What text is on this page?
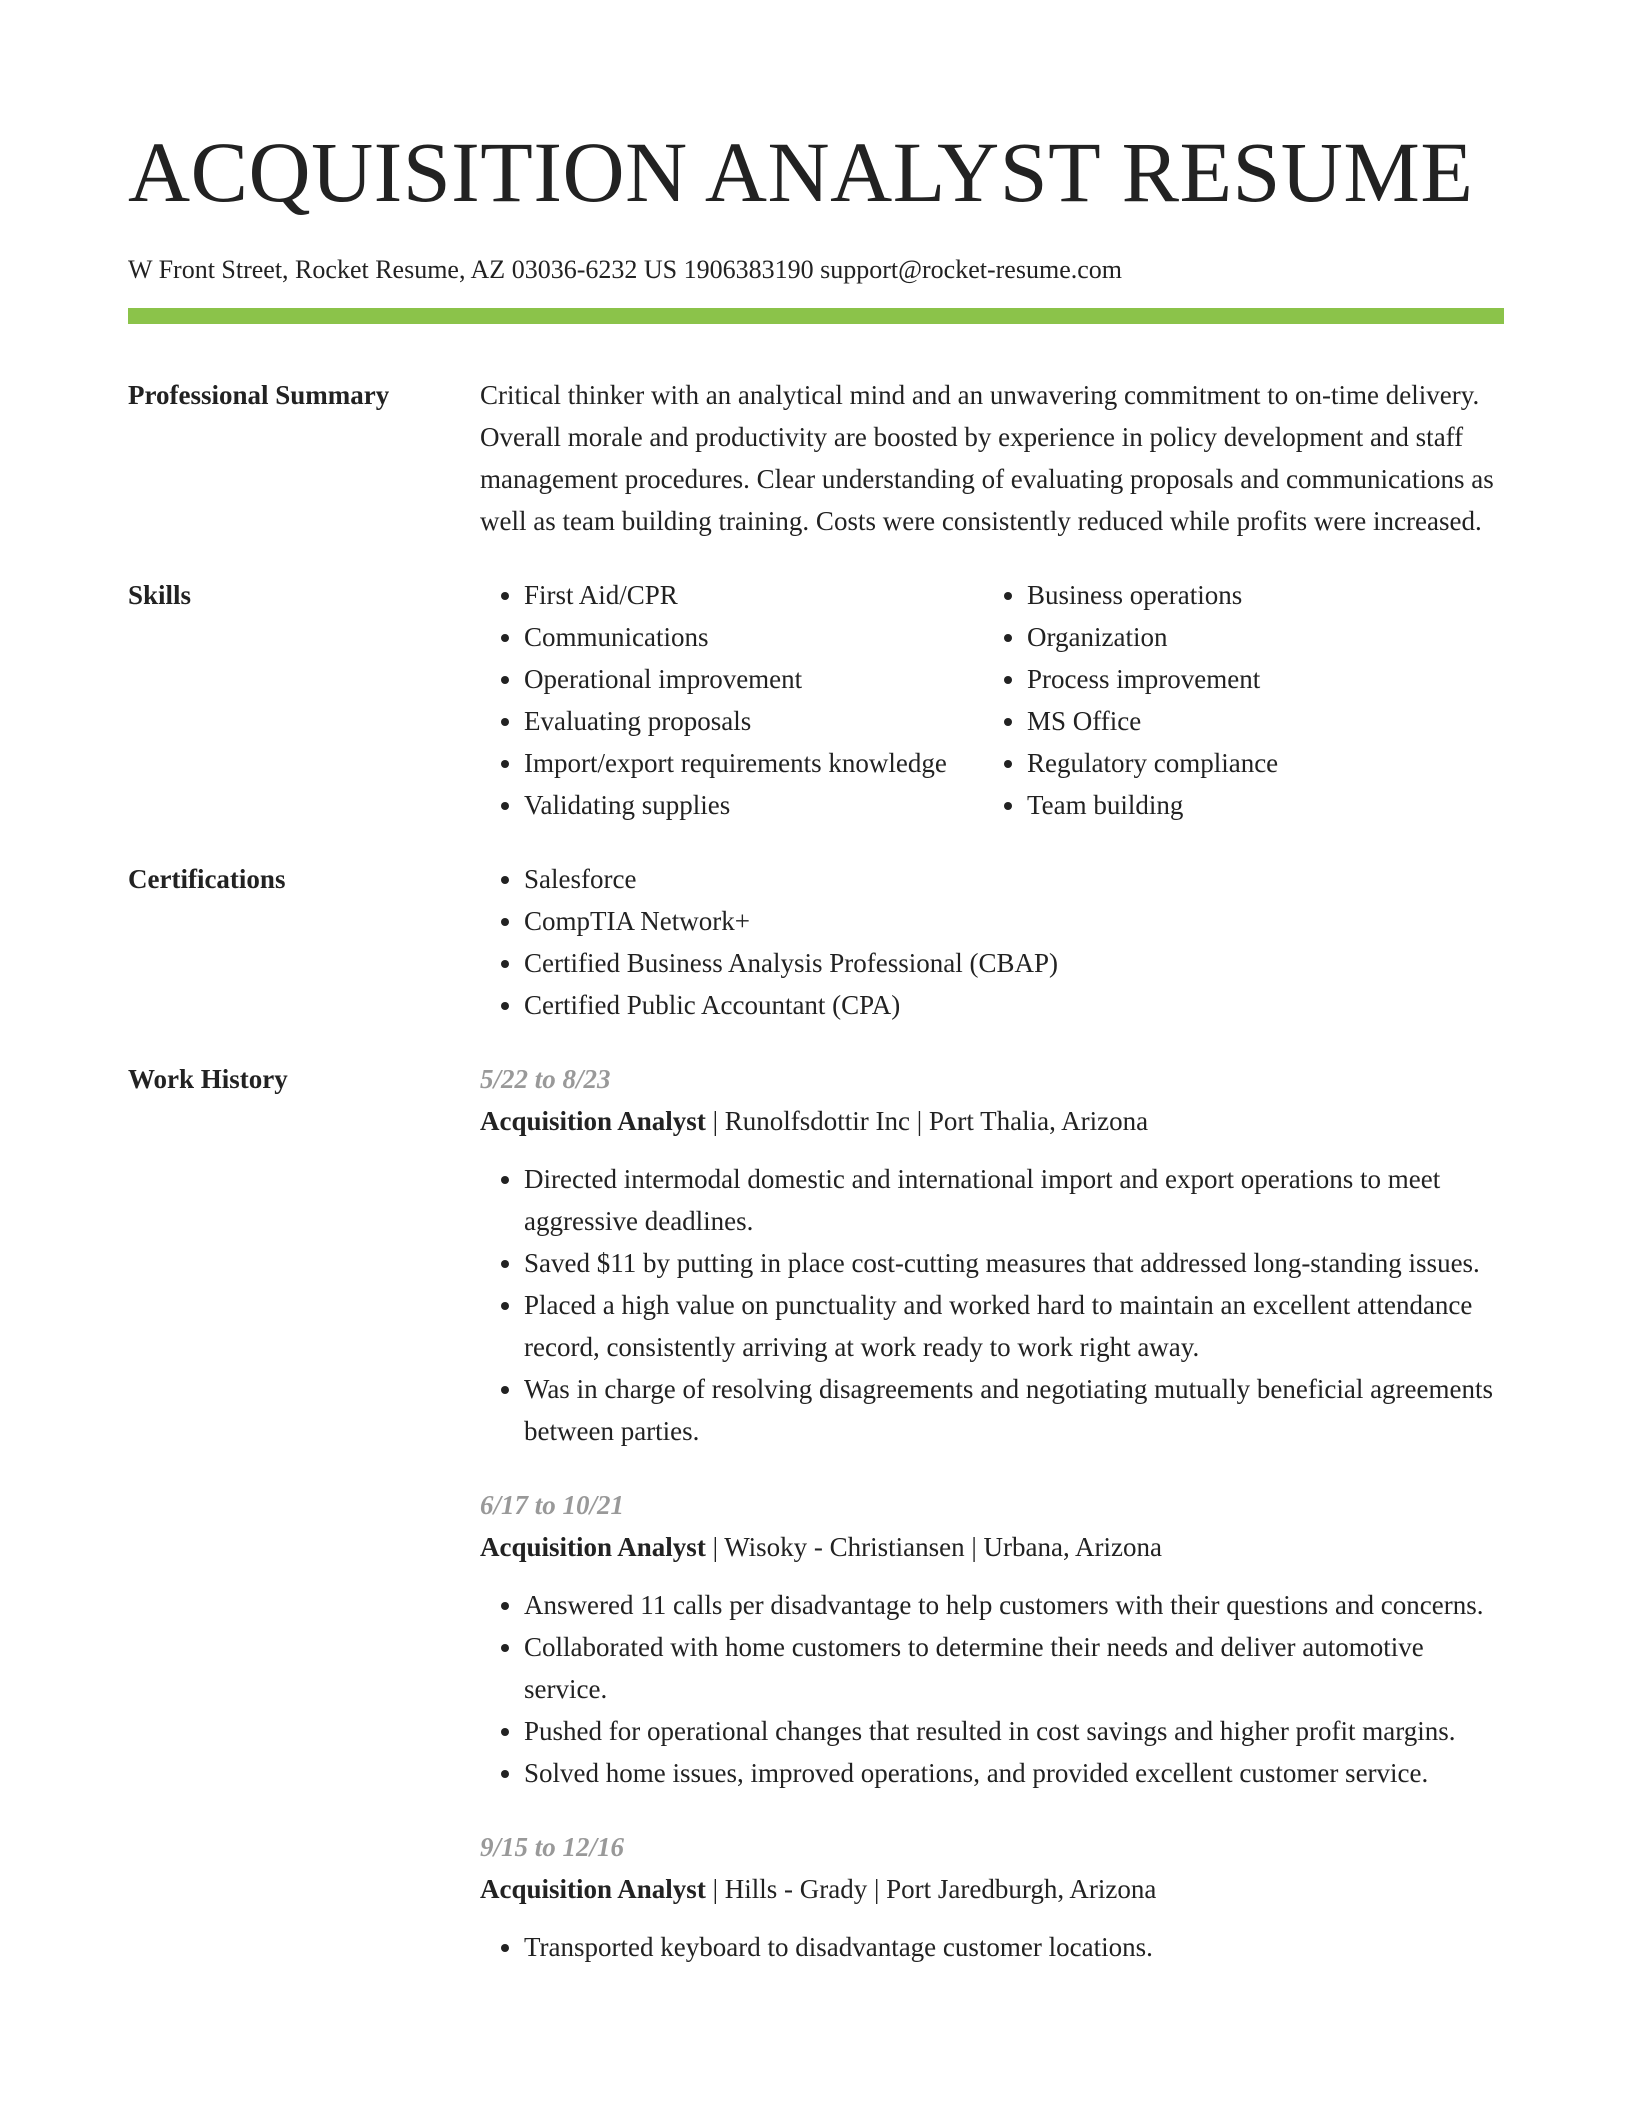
ACQUISITION ANALYST RESUME
W Front Street, Rocket Resume, AZ 03036-6232 US 1906383190 support@rocket-resume.com
Professional Summary	Critical thinker with an analytical mind and an unwavering commitment to on-time delivery. Overall morale and productivity are boosted by experience in policy development and staff management procedures. Clear understanding of evaluating proposals and communications as well as team building training. Costs were consistently reduced while profits were increased.
Skills	• First Aid/CPR
• Communications
• Operational improvement
• Evaluating proposals
• Import/export requirements knowledge
• Validating supplies
• Business operations
• Organization
• Process improvement
• MS Office
• Regulatory compliance
• Team building
Certifications	• Salesforce
• CompTIA Network+
• Certified Business Analysis Professional (CBAP)
• Certified Public Accountant (CPA)
Work History	5/22 to 8/23
Acquisition Analyst | Runolfsdottir Inc | Port Thalia, Arizona
• Directed intermodal domestic and international import and export operations to meet aggressive deadlines.
• Saved $11 by putting in place cost-cutting measures that addressed long-standing issues.
• Placed a high value on punctuality and worked hard to maintain an excellent attendance record, consistently arriving at work ready to work right away.
• Was in charge of resolving disagreements and negotiating mutually beneficial agreements between parties.
6/17 to 10/21
Acquisition Analyst | Wisoky - Christiansen | Urbana, Arizona
• Answered 11 calls per disadvantage to help customers with their questions and concerns.
• Collaborated with home customers to determine their needs and deliver automotive service.
• Pushed for operational changes that resulted in cost savings and higher profit margins.
• Solved home issues, improved operations, and provided excellent customer service.
9/15 to 12/16
Acquisition Analyst | Hills - Grady | Port Jaredburgh, Arizona
• Transported keyboard to disadvantage customer locations.
